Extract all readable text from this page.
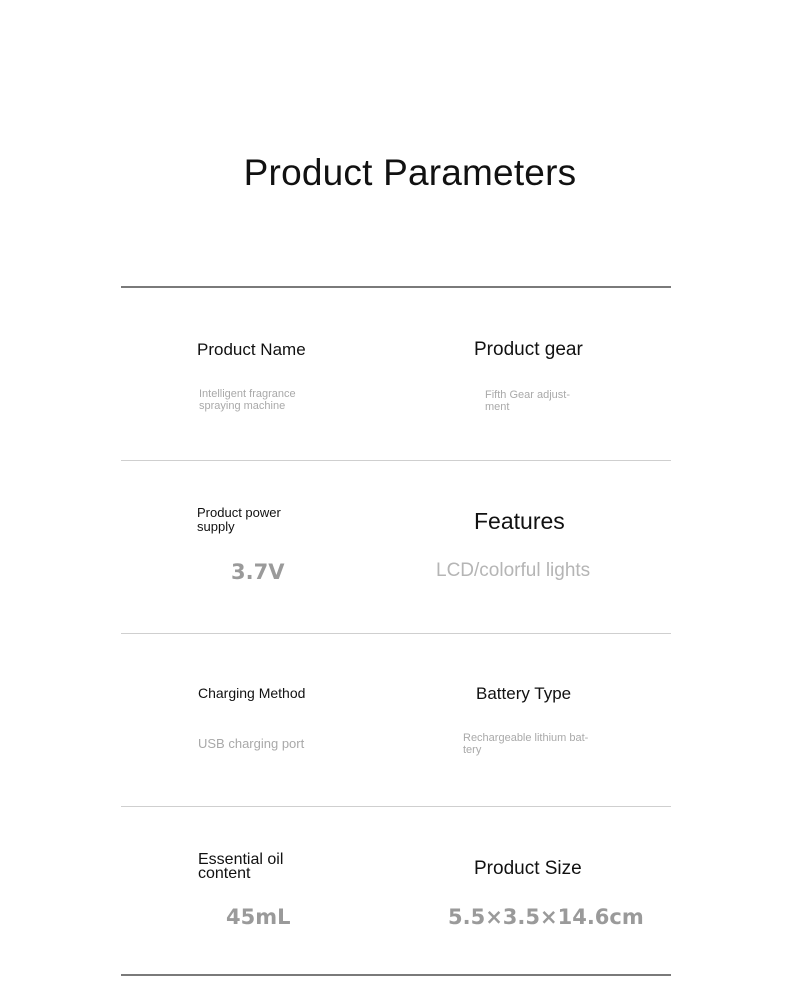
Product Parameters
Product Name
Intelligent fragrance
spraying machine
Product gear
Fifth Gear adjust-
ment
Product power
supply
3.7V
Features
LCD/colorful lights
Charging Method
USB charging port
Battery Type
Rechargeable lithium bat-
tery
Essential oil
content
45mL
Product Size
5.5×3.5×14.6cm
